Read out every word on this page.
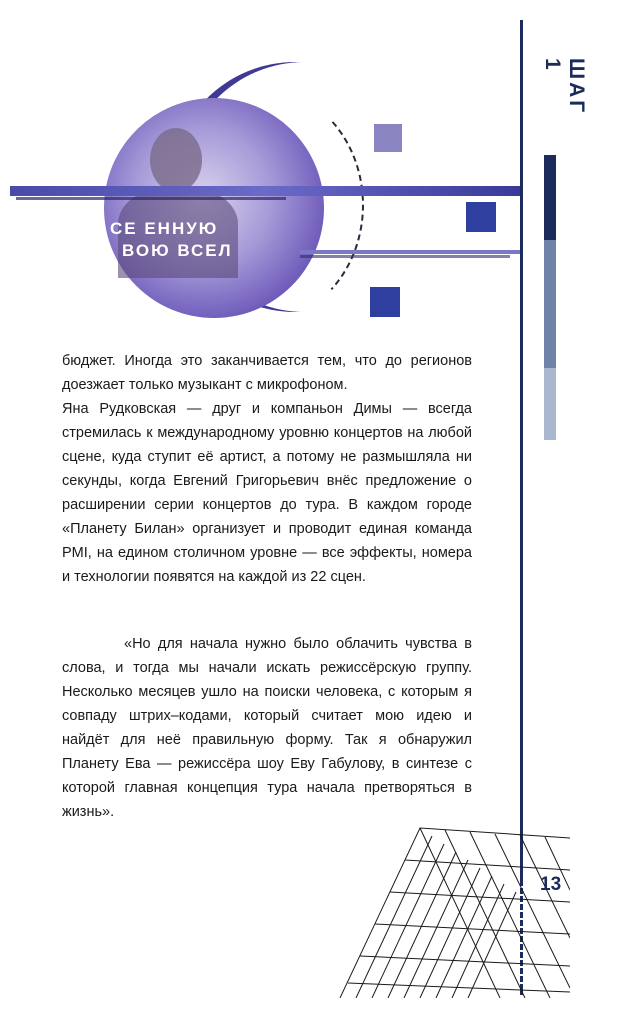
СЕ ЕННУЮ
ВОЮ ВСЕЛ
ШАГ 1

бюджет. Иногда это заканчивается тем, что до регионов доезжает только музыкант с микрофоном.

Яна Рудковская — друг и компаньон Димы — всегда стремилась к международному уровню концертов на любой сцене, куда ступит её артист, а потому не размышляла ни секунды, когда Евгений Григорьевич внёс предложение о расширении серии концертов до тура. В каждом городе «Планету Билан» организует и проводит единая команда PMI, на едином столичном уровне — все эффекты, номера и технологии появятся на каждой из 22 сцен.

«Но для начала нужно было облачить чувства в слова, и тогда мы начали искать режиссёрскую группу. Несколько месяцев ушло на поиски человека, с которым я совпаду штрих–кодами, который считает мою идею и найдёт для неё правильную форму. Так я обнаружил Планету Ева — режиссёра шоу Еву Габулову, в синтезе с которой главная концепция тура начала претворяться в жизнь».
13
